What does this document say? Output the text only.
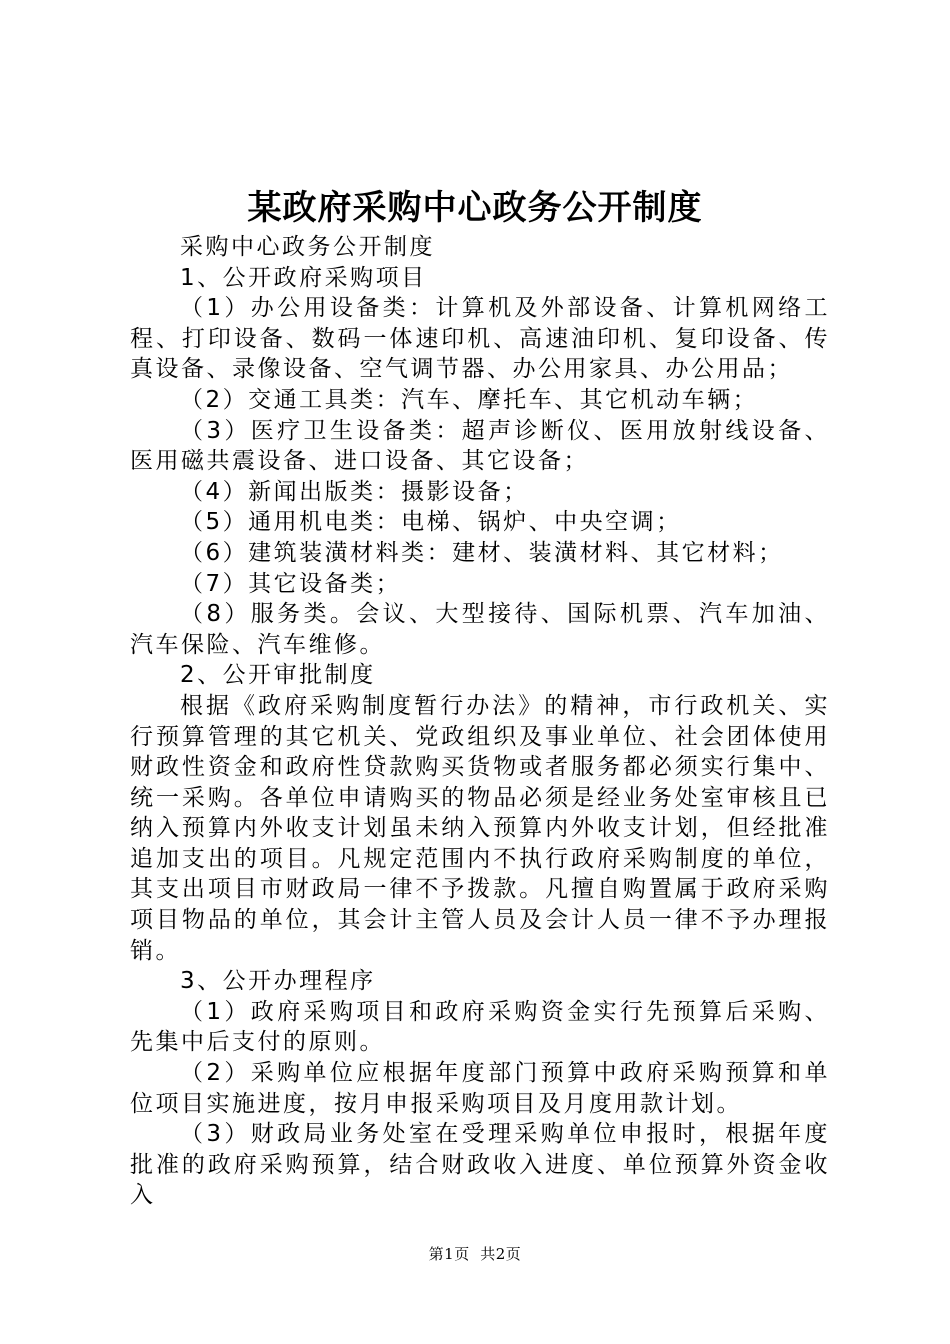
某政府采购中心政务公开制度

采购中心政务公开制度

1、公开政府采购项目

（1）办公用设备类：计算机及外部设备、计算机网络工程、打印设备、数码一体速印机、高速油印机、复印设备、传真设备、录像设备、空气调节器、办公用家具、办公用品；

（2）交通工具类：汽车、摩托车、其它机动车辆；

（3）医疗卫生设备类：超声诊断仪、医用放射线设备、医用磁共震设备、进口设备、其它设备；

（4）新闻出版类：摄影设备；

（5）通用机电类：电梯、锅炉、中央空调；

（6）建筑装潢材料类：建材、装潢材料、其它材料；

（7）其它设备类；

（8）服务类。会议、大型接待、国际机票、汽车加油、汽车保险、汽车维修。

2、公开审批制度

根据《政府采购制度暂行办法》的精神，市行政机关、实行预算管理的其它机关、党政组织及事业单位、社会团体使用财政性资金和政府性贷款购买货物或者服务都必须实行集中、统一采购。各单位申请购买的物品必须是经业务处室审核且已纳入预算内外收支计划虽未纳入预算内外收支计划，但经批准追加支出的项目。凡规定范围内不执行政府采购制度的单位，其支出项目市财政局一律不予拨款。凡擅自购置属于政府采购项目物品的单位，其会计主管人员及会计人员一律不予办理报销。

3、公开办理程序

（1）政府采购项目和政府采购资金实行先预算后采购、先集中后支付的原则。

（2）采购单位应根据年度部门预算中政府采购预算和单位项目实施进度，按月申报采购项目及月度用款计划。

（3）财政局业务处室在受理采购单位申报时，根据年度批准的政府采购预算，结合财政收入进度、单位预算外资金收入

第1页 共2页
